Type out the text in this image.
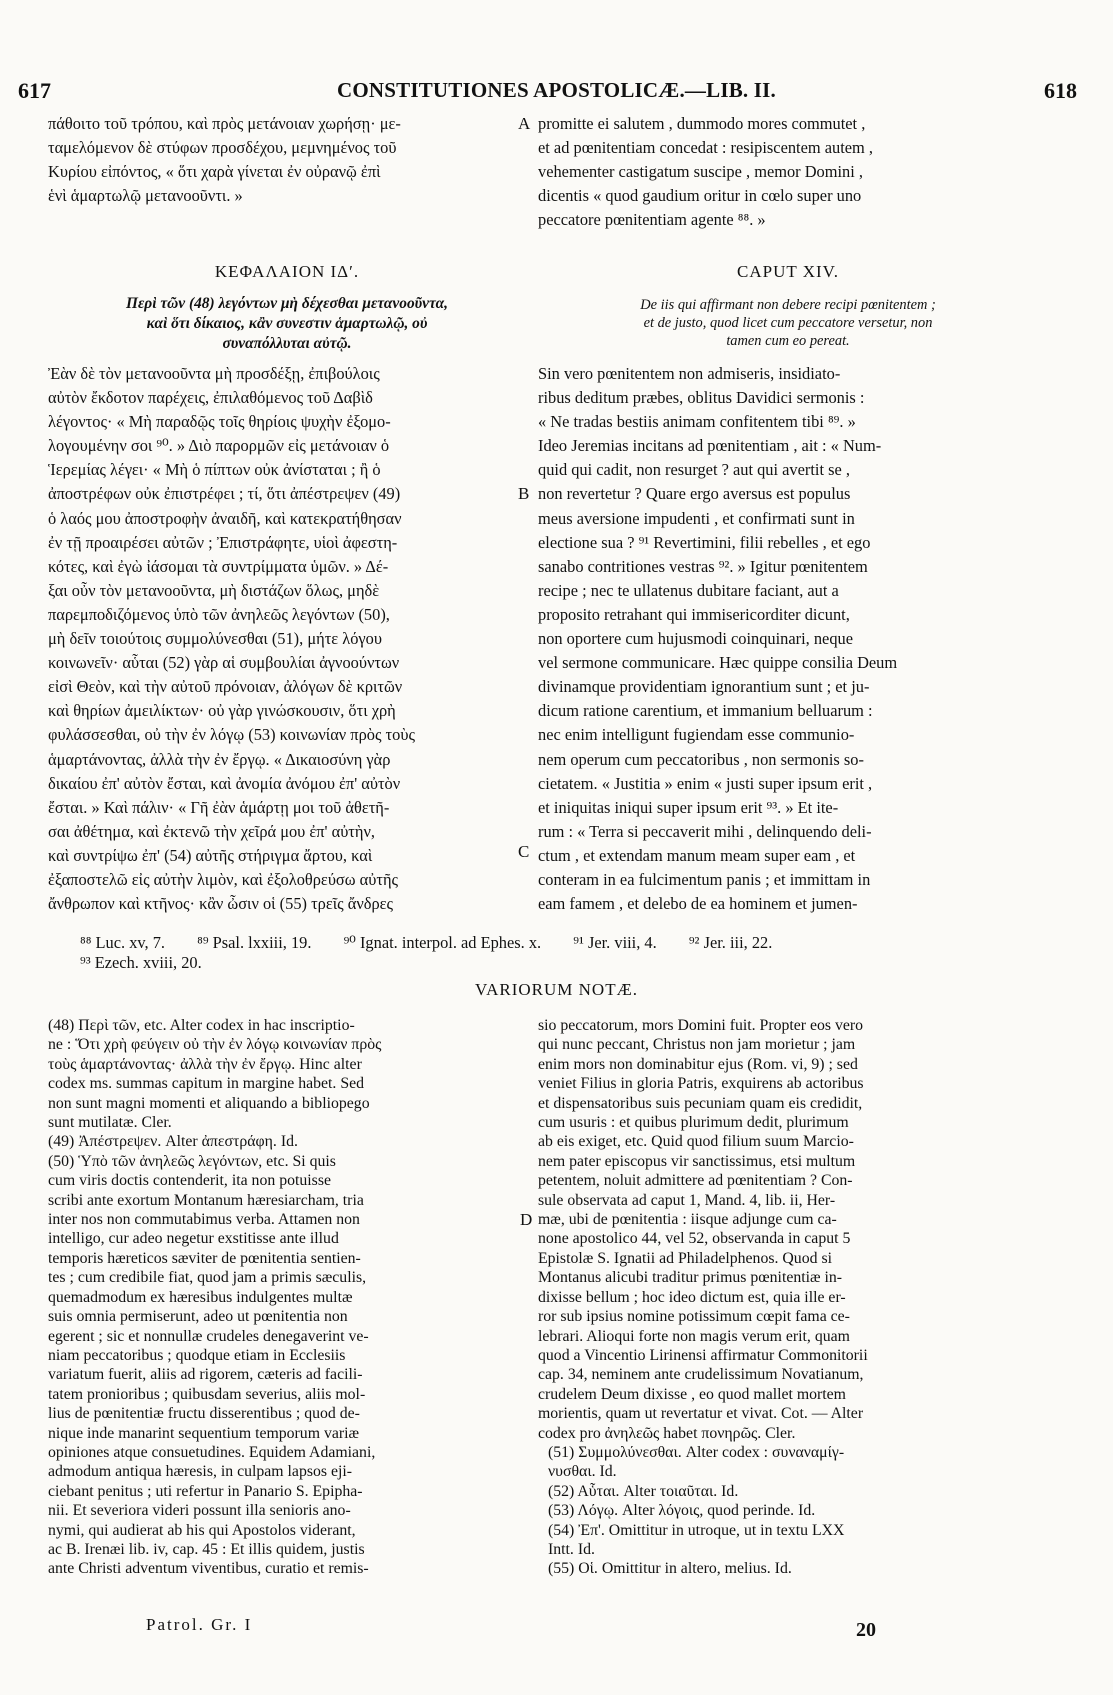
617	CONSTITUTIONES APOSTOLICÆ.—LIB. II.	618

πάθοιτο τοῦ τρόπου, καὶ πρὸς μετάνοιαν χωρήσῃ· με-
ταμελόμενον δὲ στύφων προσδέχου, μεμνημένος τοῦ
Κυρίου εἰπόντος, « ὅτι χαρὰ γίνεται ἐν οὐρανῷ ἐπὶ
ἑνὶ ἁμαρτωλῷ μετανοοῦντι. »

promitte ei salutem , dummodo mores commutet ,
et ad pœnitentiam concedat : resipiscentem autem ,
vehementer castigatum suscipe , memor Domini ,
dicentis « quod gaudium oritur in cœlo super uno
peccatore pœnitentiam agente ⁸⁸. »

A
ΚΕΦΑΛΑΙΟΝ ΙΔʹ.	CAPUT XIV.
Περὶ τῶν (48) λεγόντων μὴ δέχεσθαι μετανοοῦντα,
καὶ ὅτι δίκαιος, κἂν συνεστιν ἁμαρτωλῷ, οὐ
συναπόλλυται αὐτῷ.
De iis qui affirmant non debere recipi pœnitentem ;
et de justo, quod licet cum peccatore versetur, non
tamen cum eo pereat.

Ἐὰν δὲ τὸν μετανοοῦντα μὴ προσδέξῃ, ἐπιβούλοις
αὐτὸν ἔκδοτον παρέχεις, ἐπιλαθόμενος τοῦ Δαβὶδ
λέγοντος· « Μὴ παραδῷς τοῖς θηρίοις ψυχὴν ἐξομο-
λογουμένην σοι ⁹⁰. » Διὸ παρορμῶν εἰς μετάνοιαν ὁ
Ἱερεμίας λέγει· « Μὴ ὁ πίπτων οὐκ ἀνίσταται ; ἢ ὁ
ἀποστρέφων οὐκ ἐπιστρέφει ; τί, ὅτι ἀπέστρεψεν (49)
ὁ λαός μου ἀποστροφὴν ἀναιδῆ, καὶ κατεκρατήθησαν
ἐν τῇ προαιρέσει αὐτῶν ; Ἐπιστράφητε, υἱοὶ ἀφεστη-
κότες, καὶ ἐγὼ ἰάσομαι τὰ συντρίμματα ὑμῶν. » Δέ-
ξαι οὖν τὸν μετανοοῦντα, μὴ διστάζων ὅλως, μηδὲ
παρεμποδιζόμενος ὑπὸ τῶν ἀνηλεῶς λεγόντων (50),
μὴ δεῖν τοιούτοις συμμολύνεσθαι (51), μήτε λόγου
κοινωνεῖν· αὗται (52) γὰρ αἱ συμβουλίαι ἀγνοούντων
εἰσὶ Θεὸν, καὶ τὴν αὐτοῦ πρόνοιαν, ἀλόγων δὲ κριτῶν
καὶ θηρίων ἀμειλίκτων· οὐ γὰρ γινώσκουσιν, ὅτι χρὴ
φυλάσσεσθαι, οὐ τὴν ἐν λόγῳ (53) κοινωνίαν πρὸς τοὺς
ἁμαρτάνοντας, ἀλλὰ τὴν ἐν ἔργῳ. « Δικαιοσύνη γὰρ
δικαίου ἐπ' αὐτὸν ἔσται, καὶ ἀνομία ἀνόμου ἐπ' αὐτὸν
ἔσται. » Καὶ πάλιν· « Γῆ ἐὰν ἁμάρτῃ μοι τοῦ ἀθετῆ-
σαι ἀθέτημα, καὶ ἐκτενῶ τὴν χεῖρά μου ἐπ' αὐτὴν,
καὶ συντρίψω ἐπ' (54) αὐτῆς στήριγμα ἄρτου, καὶ
ἐξαποστελῶ εἰς αὐτὴν λιμὸν, καὶ ἐξολοθρεύσω αὐτῆς
ἄνθρωπον καὶ κτῆνος· κἂν ὦσιν οἱ (55) τρεῖς ἄνδρες

Sin vero pœnitentem non admiseris, insidiato-
ribus deditum præbes, oblitus Davidici sermonis :
« Ne tradas bestiis animam confitentem tibi ⁸⁹. »
Ideo Jeremias incitans ad pœnitentiam , ait : « Num-
quid qui cadit, non resurget ? aut qui avertit se ,
non revertetur ? Quare ergo aversus est populus
meus aversione impudenti , et confirmati sunt in
electione sua ? ⁹¹ Revertimini, filii rebelles , et ego
sanabo contritiones vestras ⁹². » Igitur pœnitentem
recipe ; nec te ullatenus dubitare faciant, aut a
proposito retrahant qui immisericorditer dicunt,
non oportere cum hujusmodi coinquinari, neque
vel sermone communicare. Hæc quippe consilia Deum
divinamque providentiam ignorantium sunt ; et ju-
dicum ratione carentium, et immanium belluarum :
nec enim intelligunt fugiendam esse communio-
nem operum cum peccatoribus , non sermonis so-
cietatem. « Justitia » enim « justi super ipsum erit ,
et iniquitas iniqui super ipsum erit ⁹³. » Et ite-
rum : « Terra si peccaverit mihi , delinquendo deli-
ctum , et extendam manum meam super eam , et
conteram in ea fulcimentum panis ; et immittam in
eam famem , et delebo de ea hominem et jumen-

B
C
⁸⁸ Luc. xv, 7. ⁸⁹ Psal. lxxiii, 19. ⁹⁰ Ignat. interpol. ad Ephes. x. ⁹¹ Jer. viii, 4. ⁹² Jer. iii, 22.
⁹³ Ezech. xviii, 20.
VARIORUM NOTÆ.

(48) Περὶ τῶν, etc. Alter codex in hac inscriptio-
ne : Ὅτι χρὴ φεύγειν οὐ τὴν ἐν λόγῳ κοινωνίαν πρὸς
τοὺς ἁμαρτάνοντας· ἀλλὰ τὴν ἐν ἔργῳ. Hinc alter
codex ms. summas capitum in margine habet. Sed
non sunt magni momenti et aliquando a bibliopego
sunt mutilatæ. Cler.
(49) Ἀπέστρεψεν. Alter ἀπεστράφη. Id.
(50) Ὑπὸ τῶν ἀνηλεῶς λεγόντων, etc. Si quis
cum viris doctis contenderit, ita non potuisse
scribi ante exortum Montanum hæresiarcham, tria
inter nos non commutabimus verba. Attamen non
intelligo, cur adeo negetur exstitisse ante illud
temporis hæreticos sæviter de pœnitentia sentien-
tes ; cum credibile fiat, quod jam a primis sæculis,
quemadmodum ex hæresibus indulgentes multæ
suis omnia permiserunt, adeo ut pœnitentia non
egerent ; sic et nonnullæ crudeles denegaverint ve-
niam peccatoribus ; quodque etiam in Ecclesiis
variatum fuerit, aliis ad rigorem, cæteris ad facili-
tatem pronioribus ; quibusdam severius, aliis mol-
lius de pœnitentiæ fructu disserentibus ; quod de-
nique inde manarint sequentium temporum variæ
opiniones atque consuetudines. Equidem Adamiani,
admodum antiqua hæresis, in culpam lapsos eji-
ciebant penitus ; uti refertur in Panario S. Epipha-
nii. Et severiora videri possunt illa senioris ano-
nymi, qui audierat ab his qui Apostolos viderant,
ac B. Irenæi lib. iv, cap. 45 : Et illis quidem, justis
ante Christi adventum viventibus, curatio et remis-

sio peccatorum, mors Domini fuit. Propter eos vero
qui nunc peccant, Christus non jam morietur ; jam
enim mors non dominabitur ejus (Rom. vi, 9) ; sed
veniet Filius in gloria Patris, exquirens ab actoribus
et dispensatoribus suis pecuniam quam eis credidit,
cum usuris : et quibus plurimum dedit, plurimum
ab eis exiget, etc. Quid quod filium suum Marcio-
nem pater episcopus vir sanctissimus, etsi multum
petentem, noluit admittere ad pœnitentiam ? Con-
sule observata ad caput 1, Mand. 4, lib. ii, Her-
mæ, ubi de pœnitentia : iisque adjunge cum ca-
none apostolico 44, vel 52, observanda in caput 5
Epistolæ S. Ignatii ad Philadelphenos. Quod si
Montanus alicubi traditur primus pœnitentiæ in-
dixisse bellum ; hoc ideo dictum est, quia ille er-
ror sub ipsius nomine potissimum cœpit fama ce-
lebrari. Alioqui forte non magis verum erit, quam
quod a Vincentio Lirinensi affirmatur Commonitorii
cap. 34, neminem ante crudelissimum Novatianum,
crudelem Deum dixisse , eo quod mallet mortem
morientis, quam ut revertatur et vivat. Cot. — Alter
codex pro ἀνηλεῶς habet πονηρῶς. Cler.

(51) Συμμολύνεσθαι. Alter codex : συναναμίγ-
νυσθαι. Id.

(52) Αὗται. Alter τοιαῦται. Id.

(53) Λόγῳ. Alter λόγοις, quod perinde. Id.

(54) Ἐπ'. Omittitur in utroque, ut in textu LXX
Intt. Id.

(55) Οἱ. Omittitur in altero, melius. Id.

D
Patrol. Gr. I	20
